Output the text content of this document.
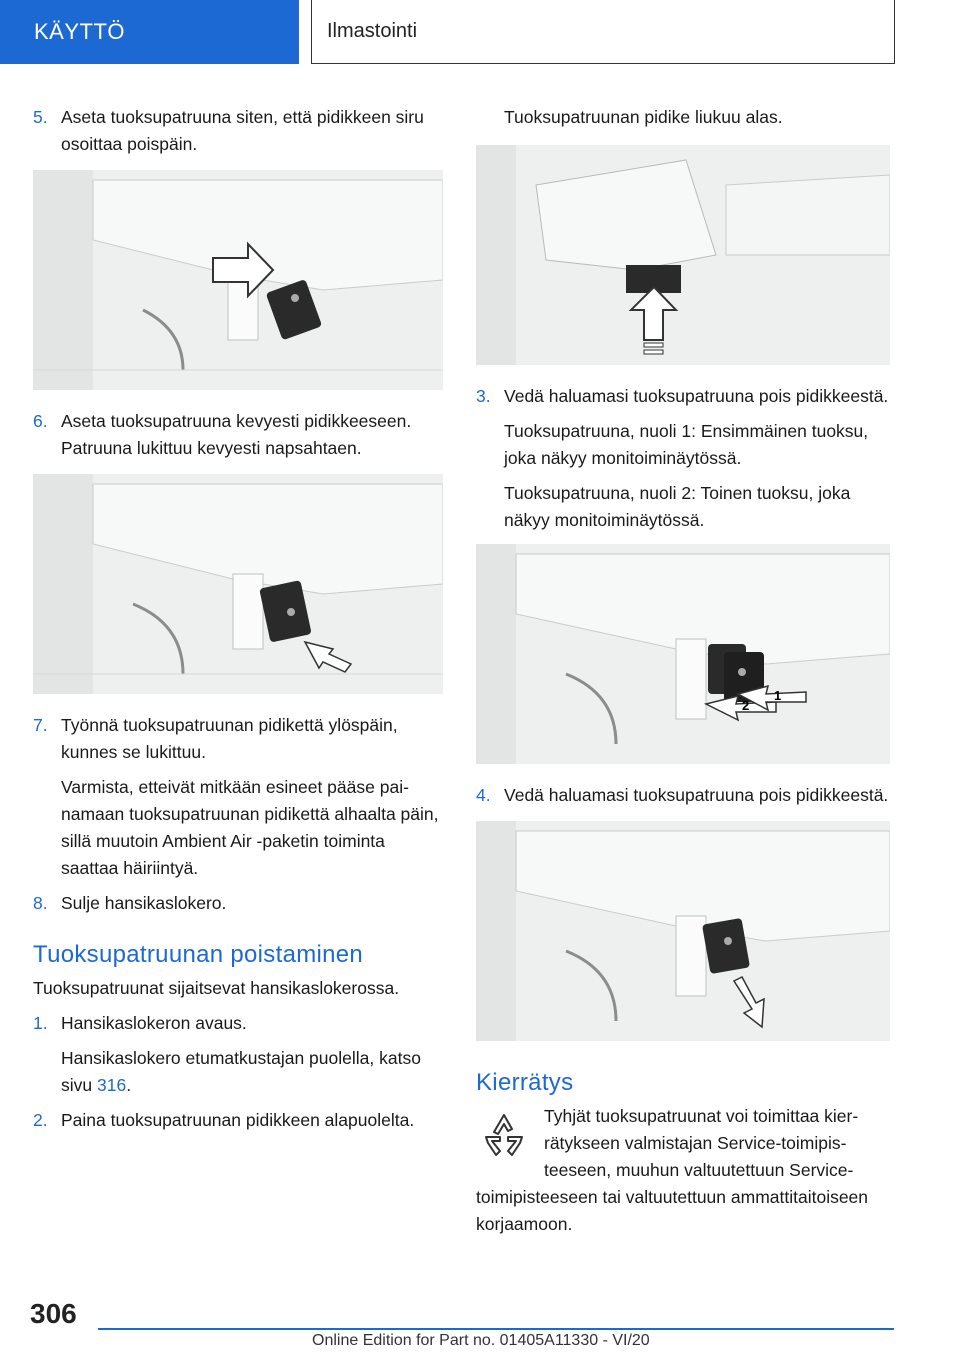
KÄYTTÖ	Ilmastointi
5. Aseta tuoksupatruuna siten, että pidikkeen siru osoittaa poispäin.
6. Aseta tuoksupatruuna kevyesti pidikkeeseen. Patruuna lukittuu kevyesti napsahtaen.
7. Työnnä tuoksupatruunan pidikettä ylöspäin, kunnes se lukittuu.

Varmista, etteivät mitkään esineet pääse painamaan tuoksupatruunan pidikettä alhaalta päin, sillä muutoin Ambient Air -paketin toiminta saattaa häiriintyä.

8. Sulje hansikaslokero.
Tuoksupatruunan poistaminen

Tuoksupatruunat sijaitsevat hansikaslokerossa.

1. Hansikaslokeron avaus.

Hansikaslokero etumatkustajan puolella, katso sivu 316.

2. Paina tuoksupatruunan pidikkeen alapuolelta.

Tuoksupatruunan pidike liukuu alas.

3. Vedä haluamasi tuoksupatruuna pois pidikkeestä.

Tuoksupatruuna, nuoli 1: Ensimmäinen tuoksu, joka näkyy monitoiminäytössä.

Tuoksupatruuna, nuoli 2: Toinen tuoksu, joka näkyy monitoiminäytössä.

2
1
4. Vedä haluamasi tuoksupatruuna pois pidikkeestä.
Kierrätys

Tyhjät tuoksupatruunat voi toimittaa kierrätykseen valmistajan Service-toimipisteeseen, muuhun valtuutettuun Service-toimipisteeseen tai valtuutettuun ammattitaitoiseen korjaamoon.

306
Online Edition for Part no. 01405A11330 - VI/20
